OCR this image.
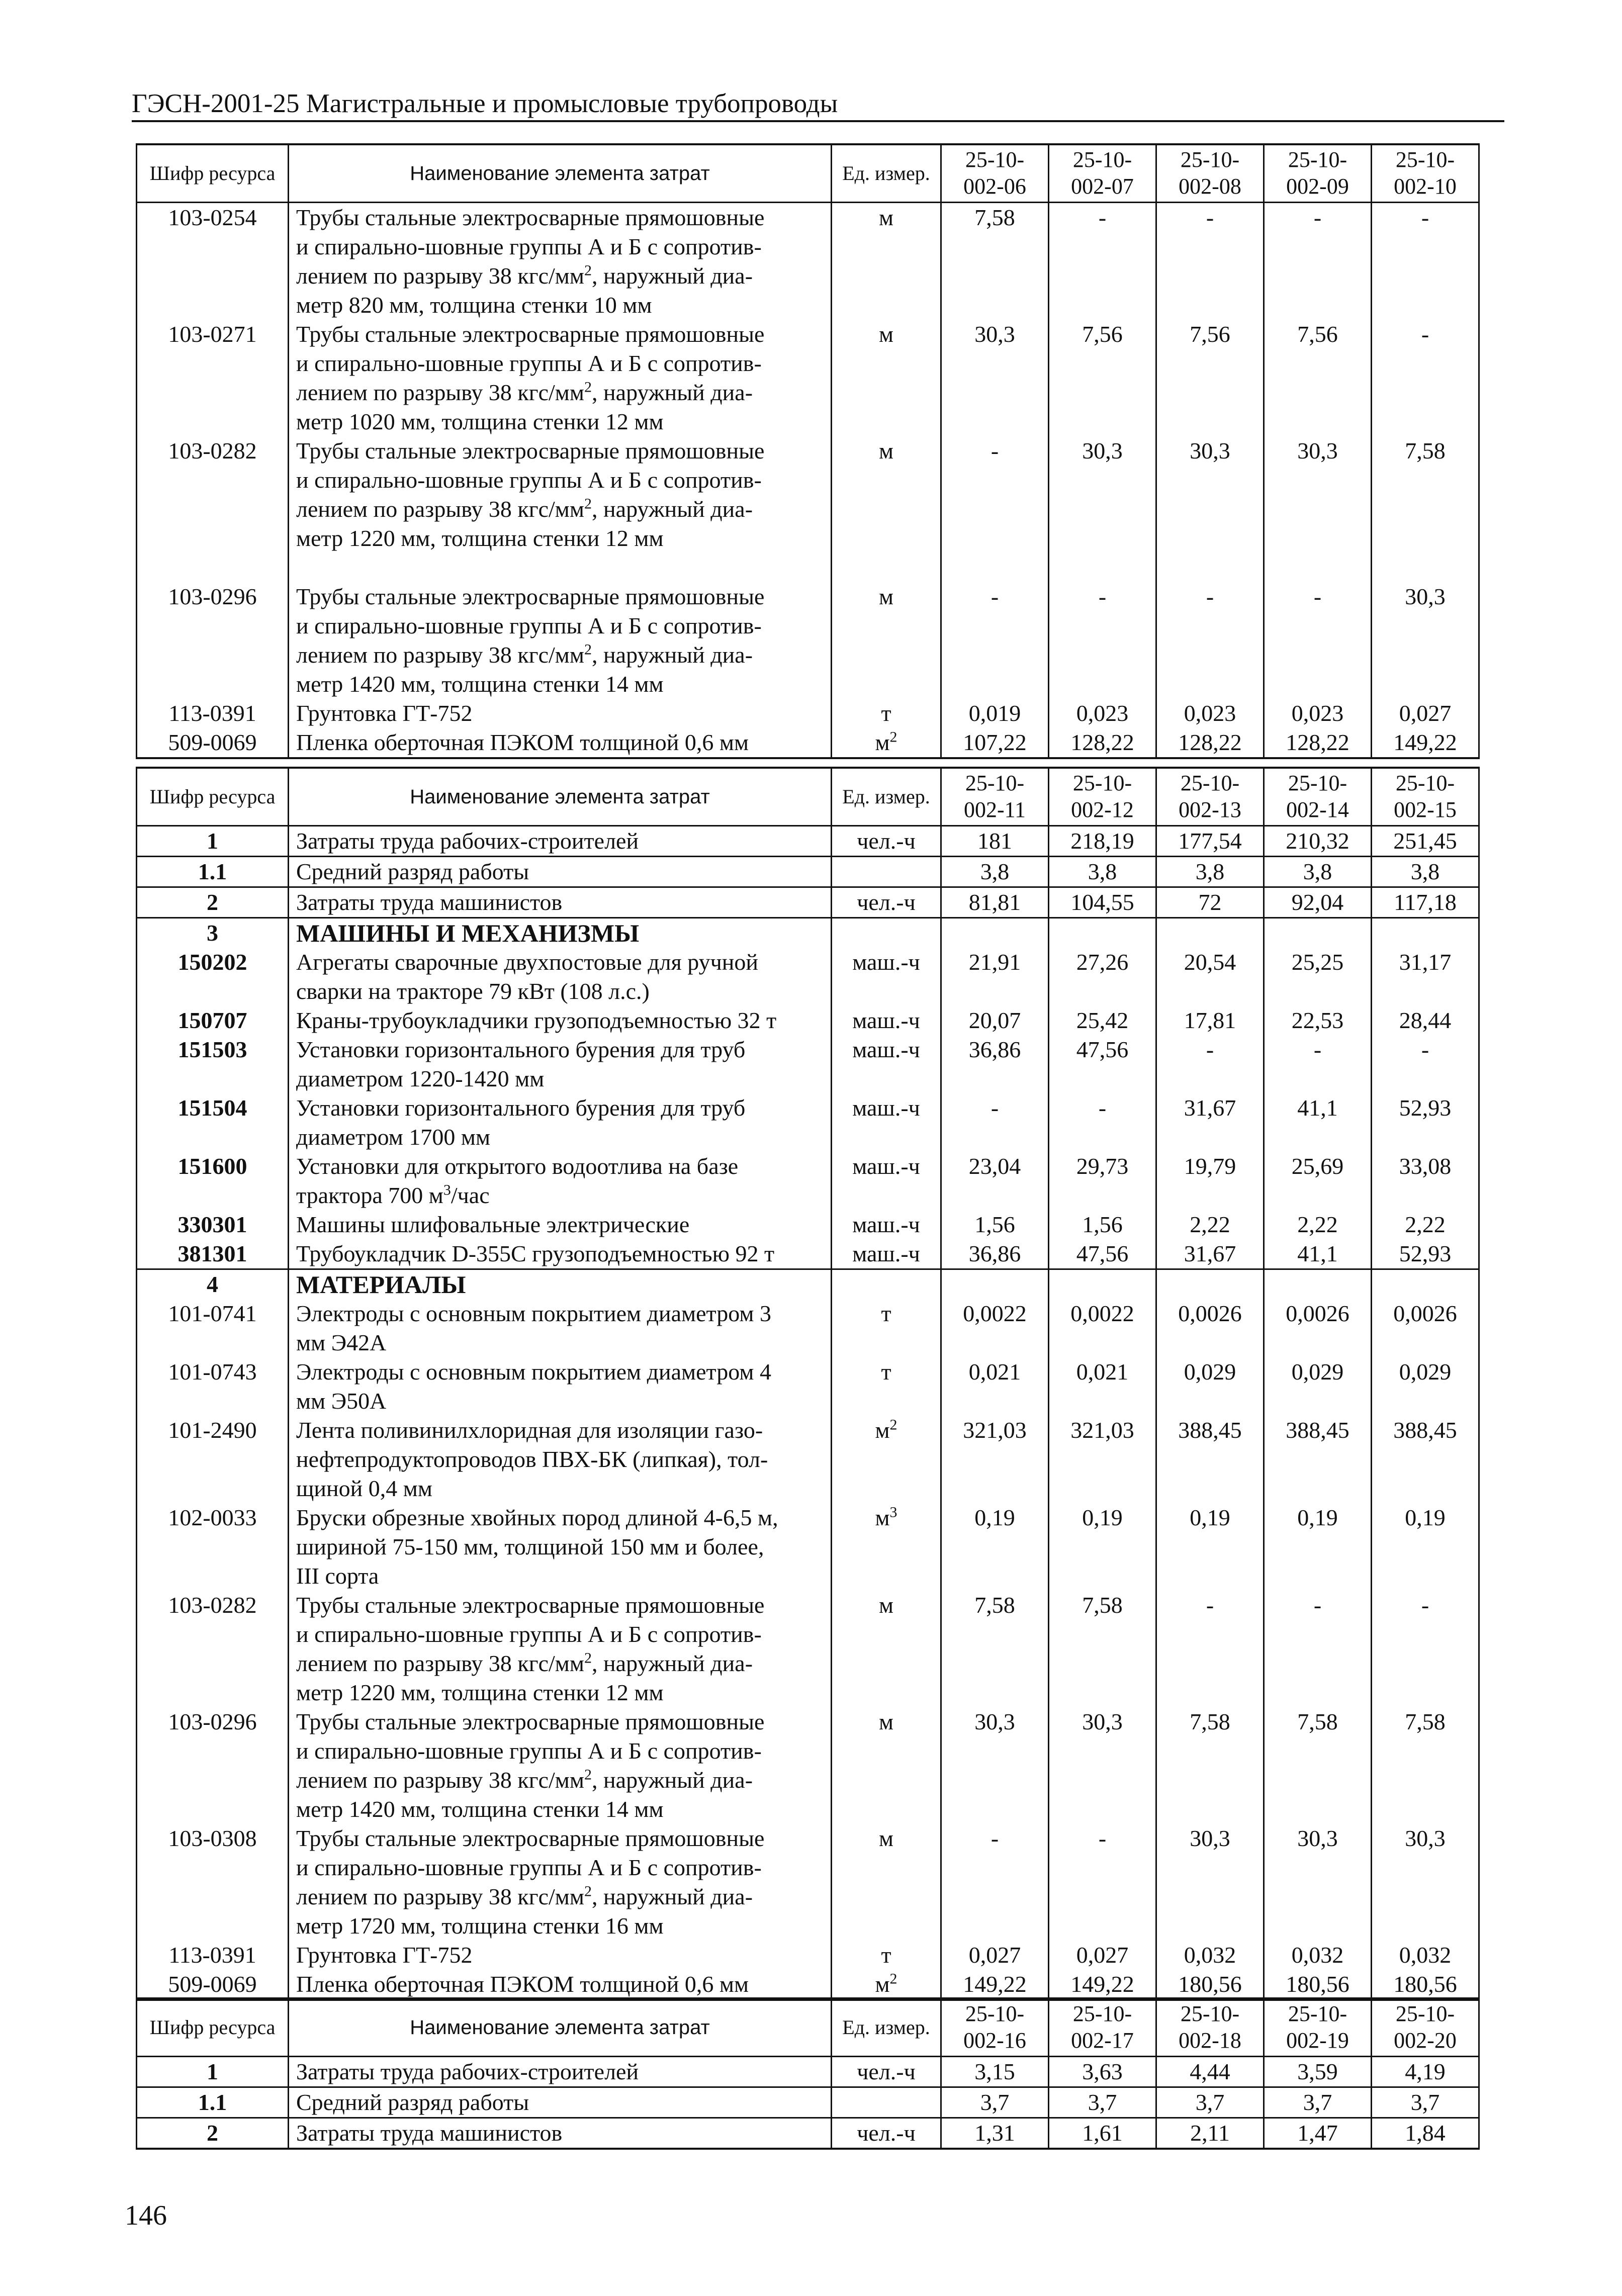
ГЭСН-2001-25 Магистральные и промысловые трубопроводы
Шифр ресурса	Наименование элемента затрат	Ед. измер.	25-10-
002-06	25-10-
002-07	25-10-
002-08	25-10-
002-09	25-10-
002-10
103-0254	Трубы стальные электросварные прямошовные
и спирально-шовные группы А и Б с сопротив-
лением по разрыву 38 кгс/$мм^2$, наружный диа-
метр 820 мм, толщина стенки 10 мм	м	7,58	-	-	-	-
103-0271	Трубы стальные электросварные прямошовные
и спирально-шовные группы А и Б с сопротив-
лением по разрыву 38 кгс/$мм^2$, наружный диа-
метр 1020 мм, толщина стенки 12 мм	м	30,3	7,56	7,56	7,56	-
103-0282	Трубы стальные электросварные прямошовные
и спирально-шовные группы А и Б с сопротив-
лением по разрыву 38 кгс/$мм^2$, наружный диа-
метр 1220 мм, толщина стенки 12 мм	м	-	30,3	30,3	30,3	7,58

103-0296	Трубы стальные электросварные прямошовные
и спирально-шовные группы А и Б с сопротив-
лением по разрыву 38 кгс/$мм^2$, наружный диа-
метр 1420 мм, толщина стенки 14 мм	м	-	-	-	-	30,3
113-0391	Грунтовка ГТ-752	т	0,019	0,023	0,023	0,023	0,027
509-0069	Пленка оберточная ПЭКОМ толщиной 0,6 мм	$м^2$	107,22	128,22	128,22	128,22	149,22
Шифр ресурса	Наименование элемента затрат	Ед. измер.	25-10-
002-11	25-10-
002-12	25-10-
002-13	25-10-
002-14	25-10-
002-15
1	Затраты труда рабочих-строителей	чел.-ч	181	218,19	177,54	210,32	251,45
1.1	Средний разряд работы		3,8	3,8	3,8	3,8	3,8
2	Затраты труда машинистов	чел.-ч	81,81	104,55	72	92,04	117,18
3	МАШИНЫ И МЕХАНИЗМЫ						
150202	Агрегаты сварочные двухпостовые для ручной
сварки на тракторе 79 кВт (108 л.с.)	маш.-ч	21,91	27,26	20,54	25,25	31,17
150707	Краны-трубоукладчики грузоподъемностью 32 т	маш.-ч	20,07	25,42	17,81	22,53	28,44
151503	Установки горизонтального бурения для труб
диаметром 1220-1420 мм	маш.-ч	36,86	47,56	-	-	-
151504	Установки горизонтального бурения для труб
диаметром 1700 мм	маш.-ч	-	-	31,67	41,1	52,93
151600	Установки для открытого водоотлива на базе
трактора 700 $м^3$/час	маш.-ч	23,04	29,73	19,79	25,69	33,08
330301	Машины шлифовальные электрические	маш.-ч	1,56	1,56	2,22	2,22	2,22
381301	Трубоукладчик D-355С грузоподъемностью 92 т	маш.-ч	36,86	47,56	31,67	41,1	52,93
4	МАТЕРИАЛЫ						
101-0741	Электроды с основным покрытием диаметром 3
мм Э42А	т	0,0022	0,0022	0,0026	0,0026	0,0026
101-0743	Электроды с основным покрытием диаметром 4
мм Э50А	т	0,021	0,021	0,029	0,029	0,029
101-2490	Лента поливинилхлоридная для изоляции газо-
нефтепродуктопроводов ПВХ-БК (липкая), тол-
щиной 0,4 мм	$м^2$	321,03	321,03	388,45	388,45	388,45
102-0033	Бруски обрезные хвойных пород длиной 4-6,5 м,
шириной 75-150 мм, толщиной 150 мм и более,
III сорта	$м^3$	0,19	0,19	0,19	0,19	0,19
103-0282	Трубы стальные электросварные прямошовные
и спирально-шовные группы А и Б с сопротив-
лением по разрыву 38 кгс/$мм^2$, наружный диа-
метр 1220 мм, толщина стенки 12 мм	м	7,58	7,58	-	-	-
103-0296	Трубы стальные электросварные прямошовные
и спирально-шовные группы А и Б с сопротив-
лением по разрыву 38 кгс/$мм^2$, наружный диа-
метр 1420 мм, толщина стенки 14 мм	м	30,3	30,3	7,58	7,58	7,58
103-0308	Трубы стальные электросварные прямошовные
и спирально-шовные группы А и Б с сопротив-
лением по разрыву 38 кгс/$мм^2$, наружный диа-
метр 1720 мм, толщина стенки 16 мм	м	-	-	30,3	30,3	30,3
113-0391	Грунтовка ГТ-752	т	0,027	0,027	0,032	0,032	0,032
509-0069	Пленка оберточная ПЭКОМ толщиной 0,6 мм	$м^2$	149,22	149,22	180,56	180,56	180,56
Шифр ресурса	Наименование элемента затрат	Ед. измер.	25-10-
002-16	25-10-
002-17	25-10-
002-18	25-10-
002-19	25-10-
002-20
1	Затраты труда рабочих-строителей	чел.-ч	3,15	3,63	4,44	3,59	4,19
1.1	Средний разряд работы		3,7	3,7	3,7	3,7	3,7
2	Затраты труда машинистов	чел.-ч	1,31	1,61	2,11	1,47	1,84
146
